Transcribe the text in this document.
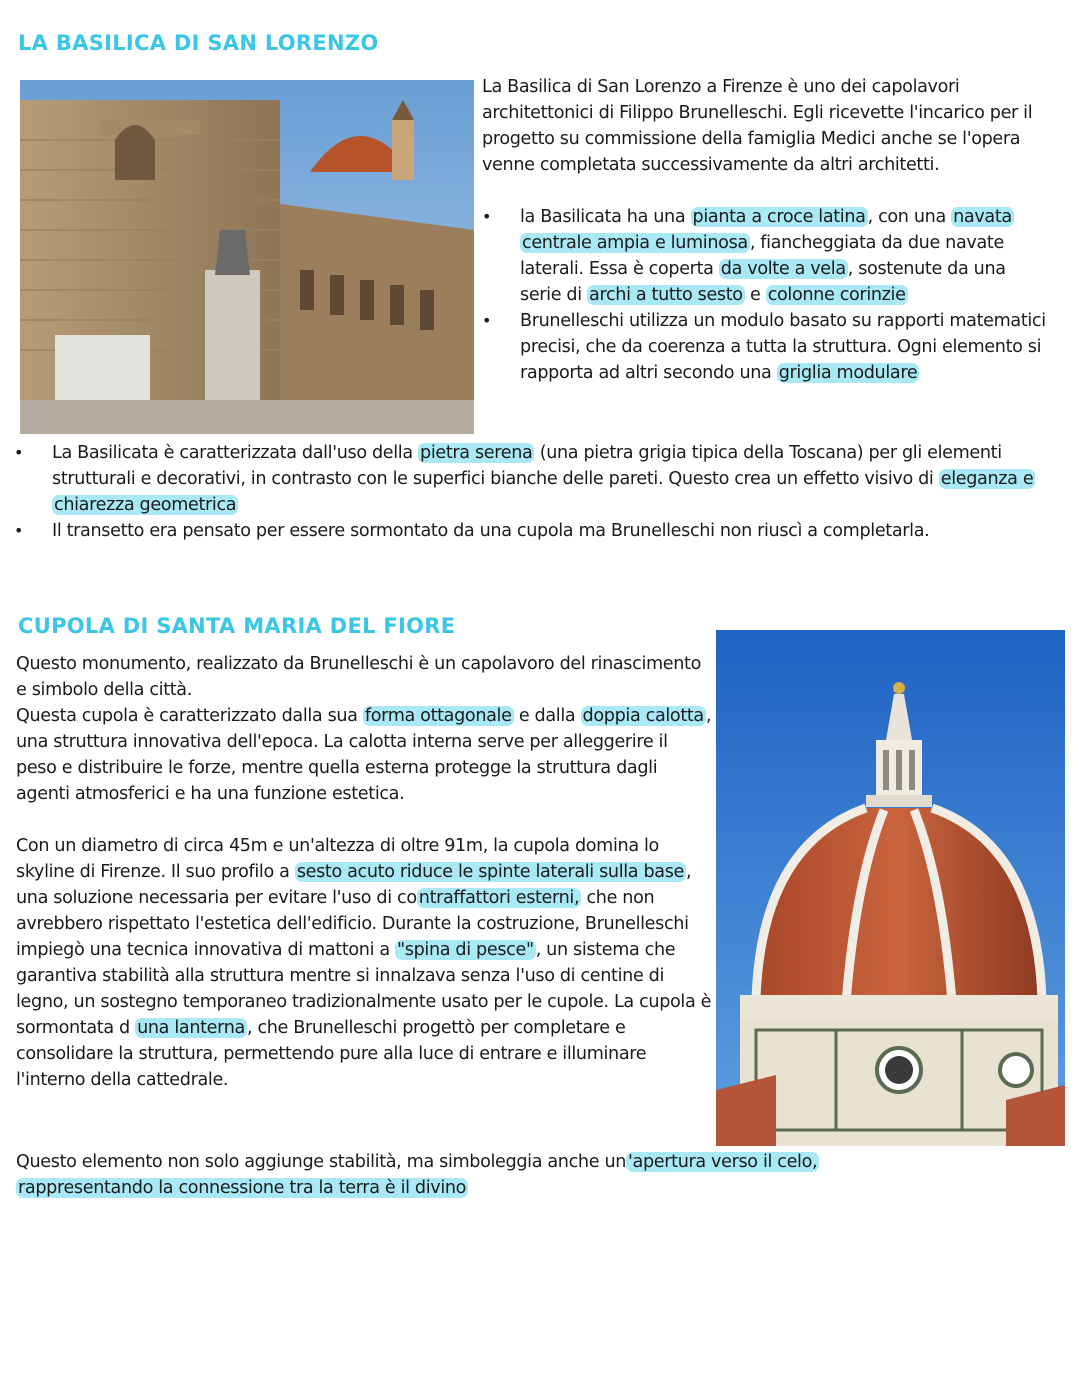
LA BASILICA DI SAN LORENZO

La Basilica di San Lorenzo a Firenze è uno dei capolavori architettonici di Filippo Brunelleschi. Egli ricevette l'incarico per il progetto su commissione della famiglia Medici anche se l'opera venne completata successivamente da altri architetti.

• la Basilicata ha una pianta a croce latina , con una navata centrale ampia e luminosa , fiancheggiata da due navate laterali. Essa è coperta da volte a vela , sostenute da una serie di archi a tutto sesto e colonne corinzie
• Brunelleschi utilizza un modulo basato su rapporti matematici precisi, che da coerenza a tutta la struttura. Ogni elemento si rapporta ad altri secondo una griglia modulare
• La Basilicata è caratterizzata dall'uso della pietra serena (una pietra grigia tipica della Toscana) per gli elementi strutturali e decorativi, in contrasto con le superfici bianche delle pareti. Questo crea un effetto visivo di eleganza e chiarezza geometrica
• Il transetto era pensato per essere sormontato da una cupola ma Brunelleschi non riuscì a completarla.
CUPOLA DI SANTA MARIA DEL FIORE

Questo monumento, realizzato da Brunelleschi è un capolavoro del rinascimento e simbolo della città.

Questa cupola è caratterizzato dalla sua forma ottagonale e dalla doppia calotta , una struttura innovativa dell'epoca. La calotta interna serve per alleggerire il peso e distribuire le forze, mentre quella esterna protegge la struttura dagli agenti atmosferici e ha una funzione estetica.

Con un diametro di circa 45m e un'altezza di oltre 91m, la cupola domina lo skyline di Firenze. Il suo profilo a sesto acuto riduce le spinte laterali sulla base , una soluzione necessaria per evitare l'uso di co ntraffattori esterni, che non avrebbero rispettato l'estetica dell'edificio. Durante la costruzione, Brunelleschi impiegò una tecnica innovativa di mattoni a "spina di pesce" , un sistema che garantiva stabilità alla struttura mentre si innalzava senza l'uso di centine di legno, un sostegno temporaneo tradizionalmente usato per le cupole. La cupola è sormontata d una lanterna , che Brunelleschi progettò per completare e consolidare la struttura, permettendo pure alla luce di entrare e illuminare l'interno della cattedrale.

Questo elemento non solo aggiunge stabilità, ma simboleggia anche un 'apertura verso il celo,
rappresentando la connessione tra la terra è il divino
